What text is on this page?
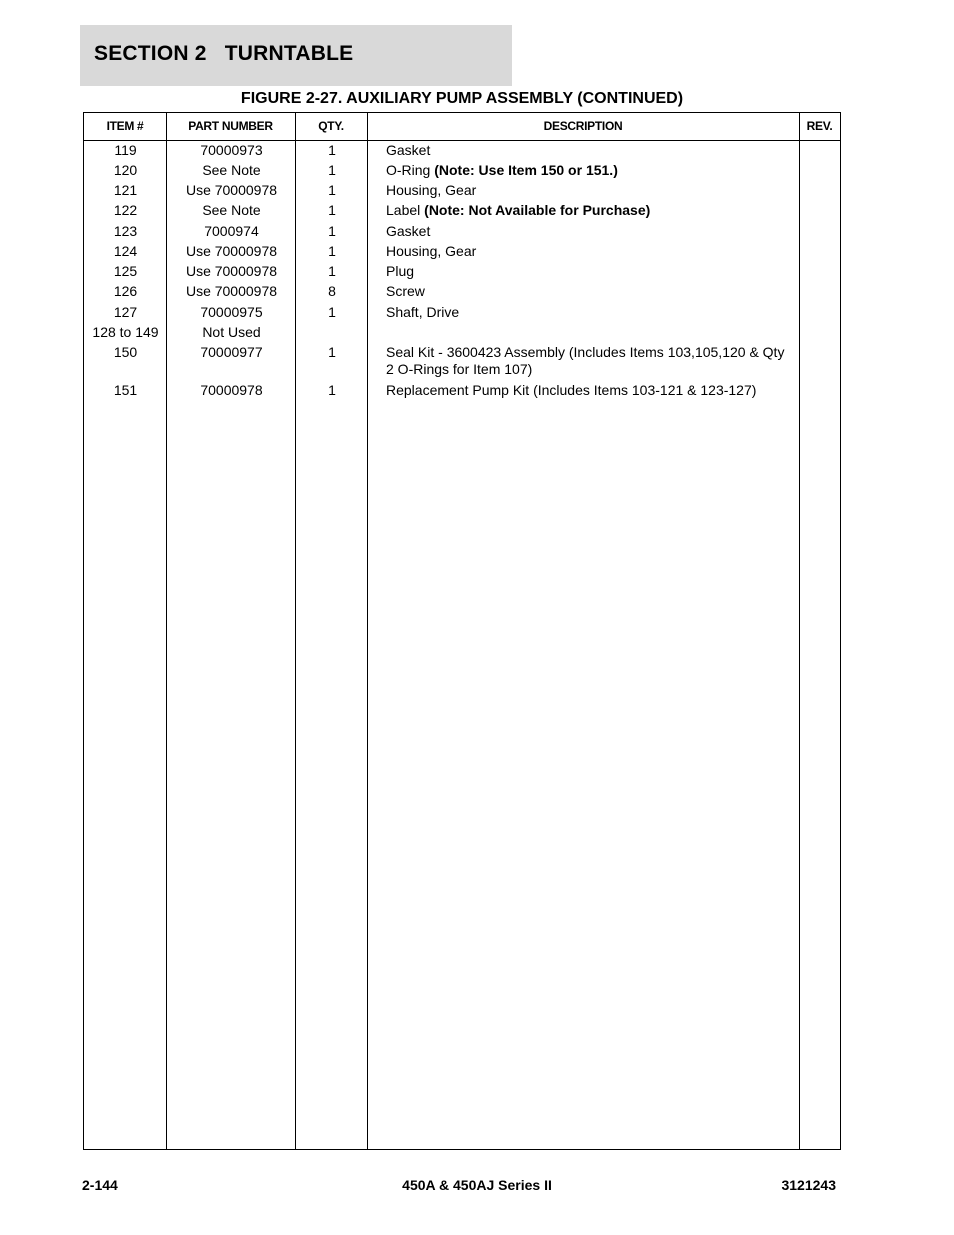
SECTION 2   TURNTABLE
FIGURE 2-27. AUXILIARY PUMP ASSEMBLY (CONTINUED)
ITEM #	PART NUMBER	QTY.	DESCRIPTION	REV.
119	70000973	1	Gasket
120	See Note	1	O-Ring (Note: Use Item 150 or 151.)
121	Use 70000978	1	Housing, Gear
122	See Note	1	Label (Note: Not Available for Purchase)
123	7000974	1	Gasket
124	Use 70000978	1	Housing, Gear
125	Use 70000978	1	Plug
126	Use 70000978	8	Screw
127	70000975	1	Shaft, Drive
128 to 149	Not Used
150	70000977	1	Seal Kit - 3600423 Assembly (Includes Items 103,105,120 & Qty 2 O-Rings for Item 107)
151	70000978	1	Replacement Pump Kit (Includes Items 103-121 & 123-127)
2-144	450A & 450AJ Series II	3121243
